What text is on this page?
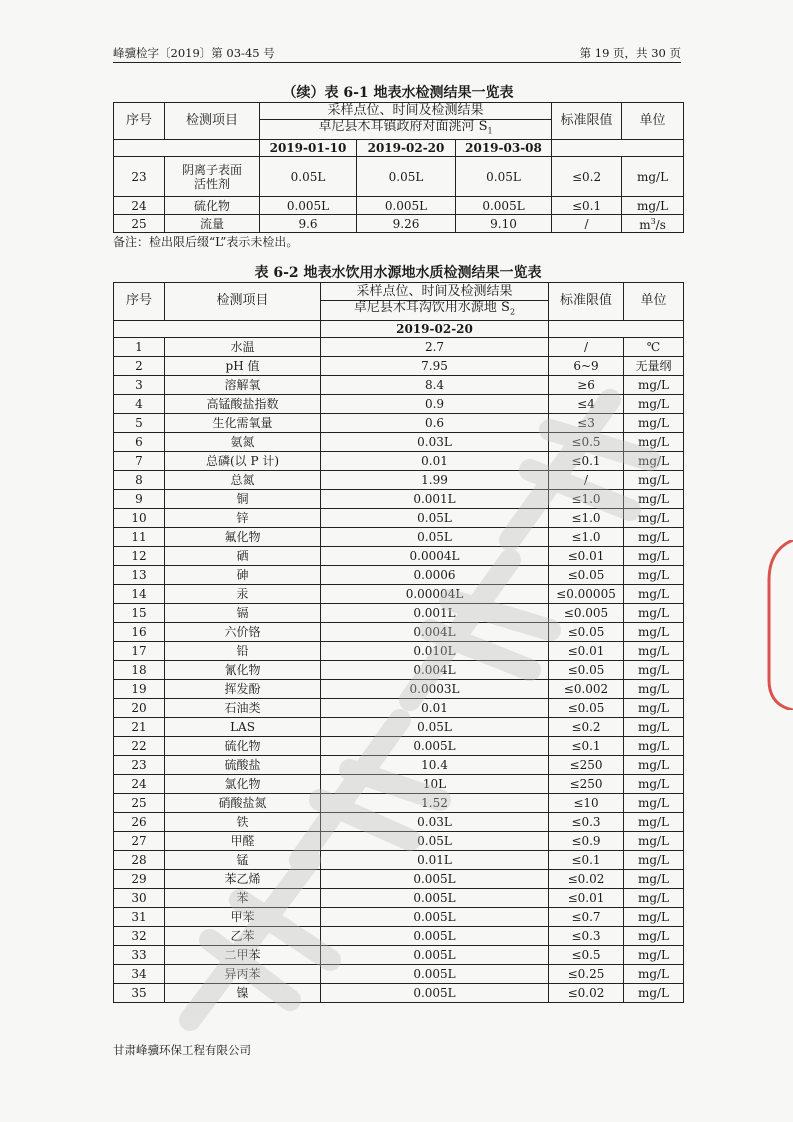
峰骥检字〔2019〕第 03-45 号	第 19 页，共 30 页
（续）表 6-1 地表水检测结果一览表
序号	检测项目	采样点位、时间及检测结果			标准限值	单位
		卓尼县木耳镇政府对面洮河 $S_1$
		2019-01-10	2019-02-20	2019-03-08		
23	阴离子表面活性剂	0.05L	0.05L	0.05L	≤0.2	mg/L
24	硫化物	0.005L	0.005L	0.005L	≤0.1	mg/L
25	流量	9.6	9.26	9.10	/	$m^3/s$
备注：检出限后缀“L”表示未检出。
表 6-2 地表水饮用水源地水质检测结果一览表
序号	检测项目	采样点位、时间及检测结果	标准限值	单位
		卓尼县木耳沟饮用水源地 $S_2$
		2019-02-20		
1	水温	2.7	/	℃
2	pH 值	7.95	6~9	无量纲
3	溶解氧	8.4	≥6	mg/L
4	高锰酸盐指数	0.9	≤4	mg/L
5	生化需氧量	0.6	≤3	mg/L
6	氨氮	0.03L	≤0.5	mg/L
7	总磷(以 P 计)	0.01	≤0.1	mg/L
8	总氮	1.99	/	mg/L
9	铜	0.001L	≤1.0	mg/L
10	锌	0.05L	≤1.0	mg/L
11	氟化物	0.05L	≤1.0	mg/L
12	硒	0.0004L	≤0.01	mg/L
13	砷	0.0006	≤0.05	mg/L
14	汞	0.00004L	≤0.00005	mg/L
15	镉	0.001L	≤0.005	mg/L
16	六价铬	0.004L	≤0.05	mg/L
17	铅	0.010L	≤0.01	mg/L
18	氰化物	0.004L	≤0.05	mg/L
19	挥发酚	0.0003L	≤0.002	mg/L
20	石油类	0.01	≤0.05	mg/L
21	LAS	0.05L	≤0.2	mg/L
22	硫化物	0.005L	≤0.1	mg/L
23	硫酸盐	10.4	≤250	mg/L
24	氯化物	10L	≤250	mg/L
25	硝酸盐氮	1.52	≤10	mg/L
26	铁	0.03L	≤0.3	mg/L
27	甲醛	0.05L	≤0.9	mg/L
28	锰	0.01L	≤0.1	mg/L
29	苯乙烯	0.005L	≤0.02	mg/L
30	苯	0.005L	≤0.01	mg/L
31	甲苯	0.005L	≤0.7	mg/L
32	乙苯	0.005L	≤0.3	mg/L
33	二甲苯	0.005L	≤0.5	mg/L
34	异丙苯	0.005L	≤0.25	mg/L
35	镍	0.005L	≤0.02	mg/L
甘肃峰骥环保工程有限公司
